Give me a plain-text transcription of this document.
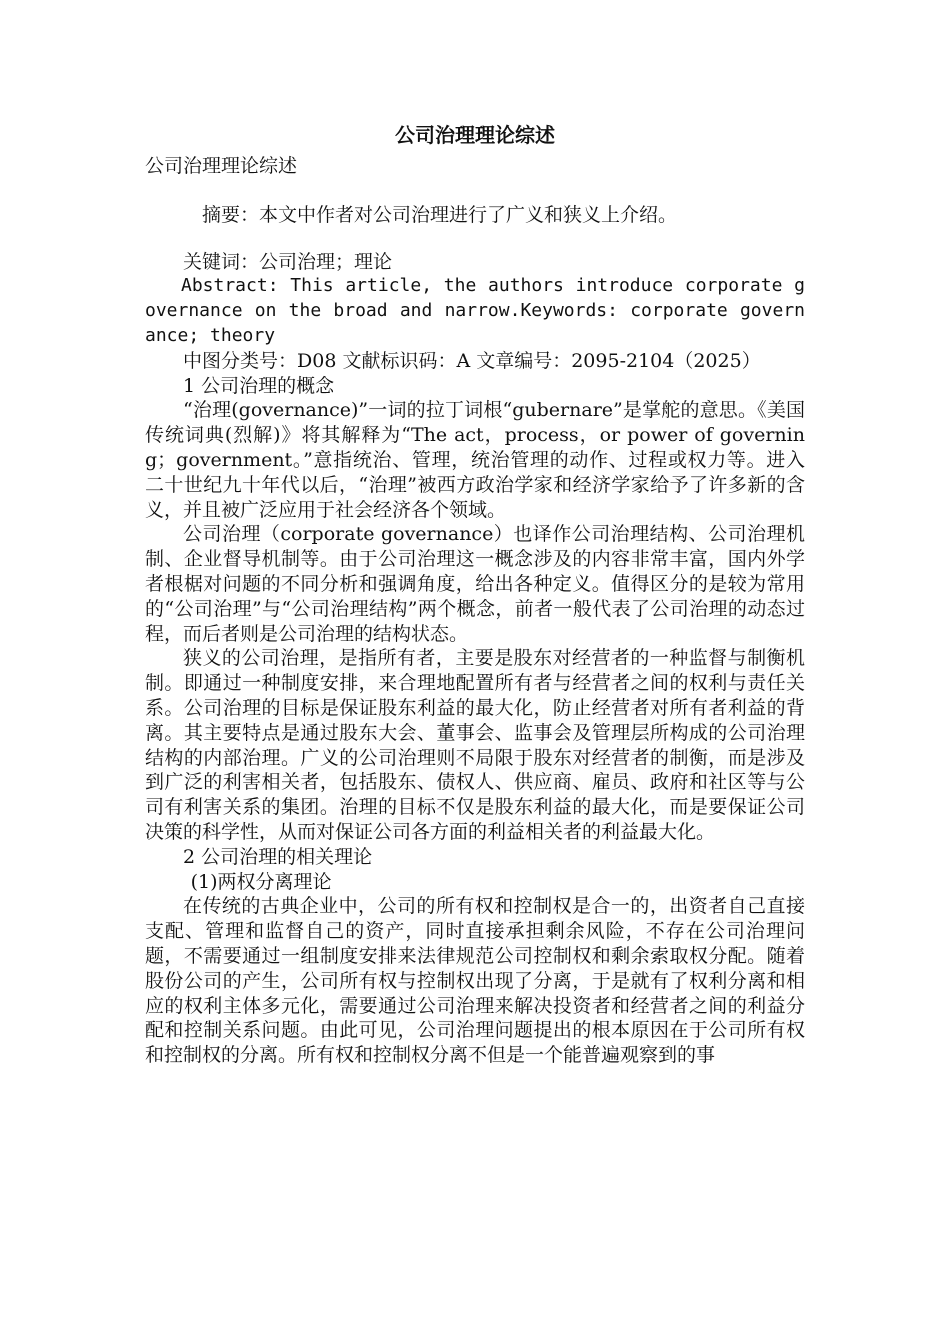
公司治理理论综述

公司治理理论综述

摘要：本文中作者对公司治理进行了广义和狭义上介绍。

关键词：公司治理；理论

Abstract: This article, the authors introduce corporate governance on the broad and narrow.Keywords: corporate governance; theory

中图分类号：D08 文献标识码：A 文章编号：2095-2104（2025）

1 公司治理的概念

“治理(governance)”一词的拉丁词根“gubernare”是掌舵的意思。《美国传统词典(烈解)》将其解释为“The act，process，or power of governing；government。”意指统治、管理，统治管理的动作、过程或权力等。进入二十世纪九十年代以后，“治理”被西方政治学家和经济学家给予了许多新的含义，并且被广泛应用于社会经济各个领域。

公司治理（corporate governance）也译作公司治理结构、公司治理机制、企业督导机制等。由于公司治理这一概念涉及的内容非常丰富，国内外学者根椐对问题的不同分析和强调角度，给出各种定义。值得区分的是较为常用的“公司治理”与“公司治理结构”两个概念，前者一般代表了公司治理的动态过程，而后者则是公司治理的结构状态。

狭义的公司治理，是指所有者，主要是股东对经营者的一种监督与制衡机制。即通过一种制度安排，来合理地配置所有者与经营者之间的权利与责任关系。公司治理的目标是保证股东利益的最大化，防止经营者对所有者利益的背离。其主要特点是通过股东大会、董事会、监事会及管理层所构成的公司治理结构的内部治理。广义的公司治理则不局限于股东对经营者的制衡，而是涉及到广泛的利害相关者，包括股东、债权人、供应商、雇员、政府和社区等与公司有利害关系的集团。治理的目标不仅是股东利益的最大化，而是要保证公司决策的科学性，从而对保证公司各方面的利益相关者的利益最大化。

2 公司治理的相关理论

(1)两权分离理论

在传统的古典企业中，公司的所有权和控制权是合一的，出资者自己直接支配、管理和监督自己的资产，同时直接承担剩余风险，不存在公司治理问题，不需要通过一组制度安排来法律规范公司控制权和剩余索取权分配。随着股份公司的产生，公司所有权与控制权出现了分离，于是就有了权利分离和相应的权利主体多元化，需要通过公司治理来解决投资者和经营者之间的利益分配和控制关系问题。由此可见，公司治理问题提出的根本原因在于公司所有权和控制权的分离。所有权和控制权分离不但是一个能普遍观察到的事
